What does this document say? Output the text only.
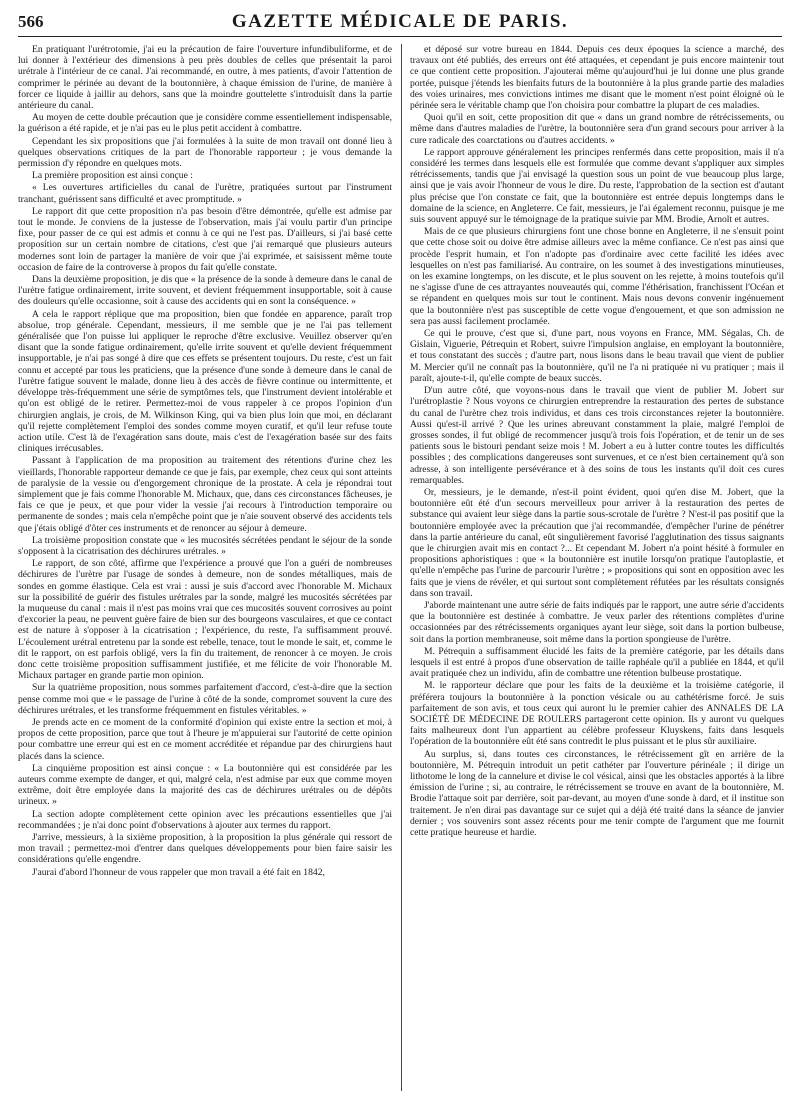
566	GAZETTE MÉDICALE DE PARIS.

En pratiquant l'urétrotomie, j'ai eu la précaution de faire l'ouverture infundibuliforme, et de lui donner à l'extérieur des dimensions à peu près doubles de celles que présentait la paroi urétrale à l'intérieur de ce canal. J'ai recommandé, en outre, à mes patients, d'avoir l'attention de comprimer le périnée au devant de la boutonnière, à chaque émission de l'urine, de manière à forcer ce liquide à jaillir au dehors, sans que la moindre gouttelette s'introduisît dans la partie antérieure du canal.

Au moyen de cette double précaution que je considère comme essentiellement indispensable, la guérison a été rapide, et je n'ai pas eu le plus petit accident à combattre.

Cependant les six propositions que j'ai formulées à la suite de mon travail ont donné lieu à quelques observations critiques de la part de l'honorable rapporteur ; je vous demande la permission d'y répondre en quelques mots.

La première proposition est ainsi conçue :

« Les ouvertures artificielles du canal de l'urètre, pratiquées surtout par l'instrument tranchant, guérissent sans difficulté et avec promptitude. »

Le rapport dit que cette proposition n'a pas besoin d'être démontrée, qu'elle est admise par tout le monde. Je conviens de la justesse de l'observation, mais j'ai voulu partir d'un principe fixe, pour passer de ce qui est admis et connu à ce qui ne l'est pas. D'ailleurs, si j'ai basé cette proposition sur un certain nombre de citations, c'est que j'ai remarqué que plusieurs auteurs modernes sont loin de partager la manière de voir que j'ai exprimée, et saisissent même toute occasion de faire de la controverse à propos du fait qu'elle constate.

Dans la deuxième proposition, je dis que « la présence de la sonde à demeure dans le canal de l'urètre fatigue ordinairement, irrite souvent, et devient fréquemment insupportable, soit à cause des douleurs qu'elle occasionne, soit à cause des accidents qui en sont la conséquence. »

A cela le rapport réplique que ma proposition, bien que fondée en apparence, paraît trop absolue, trop générale. Cependant, messieurs, il me semble que je ne l'ai pas tellement généralisée que l'on puisse lui appliquer le reproche d'être exclusive. Veuillez observer qu'en disant que la sonde fatigue ordinairement, qu'elle irrite souvent et qu'elle devient fréquemment insupportable, je n'ai pas songé à dire que ces effets se présentent toujours. Du reste, c'est un fait connu et accepté par tous les praticiens, que la présence d'une sonde à demeure dans le canal de l'urètre fatigue souvent le malade, donne lieu à des accès de fièvre continue ou intermittente, et développe très-fréquemment une série de symptômes tels, que l'instrument devient intolérable et qu'on est obligé de le retirer. Permettez-moi de vous rappeler à ce propos l'opinion d'un chirurgien anglais, je crois, de M. Wilkinson King, qui va bien plus loin que moi, en déclarant qu'il rejette complètement l'emploi des sondes comme moyen curatif, et qu'il leur refuse toute action utile. C'est là de l'exagération sans doute, mais c'est de l'exagération basée sur des faits cliniques irrécusables.

Passant à l'application de ma proposition au traitement des rétentions d'urine chez les vieillards, l'honorable rapporteur demande ce que je fais, par exemple, chez ceux qui sont atteints de paralysie de la vessie ou d'engorgement chronique de la prostate. A cela je répondrai tout simplement que je fais comme l'honorable M. Michaux, que, dans ces circonstances fâcheuses, je fais ce que je peux, et que pour vider la vessie j'ai recours à l'introduction temporaire ou permanente de sondes ; mais cela n'empêche point que je n'aie souvent observé des accidents tels que j'étais obligé d'ôter ces instruments et de renoncer au séjour à demeure.

La troisième proposition constate que « les mucosités sécrétées pendant le séjour de la sonde s'opposent à la cicatrisation des déchirures urétrales. »

Le rapport, de son côté, affirme que l'expérience a prouvé que l'on a guéri de nombreuses déchirures de l'urètre par l'usage de sondes à demeure, non de sondes métalliques, mais de sondes en gomme élastique. Cela est vrai : aussi je suis d'accord avec l'honorable M. Michaux sur la possibilité de guérir des fistules urétrales par la sonde, malgré les mucosités sécrétées par la muqueuse du canal : mais il n'est pas moins vrai que ces mucosités souvent corrosives au point d'excorier la peau, ne peuvent guère faire de bien sur des bourgeons vasculaires, et que ce contact est de nature à s'opposer à la cicatrisation ; l'expérience, du reste, l'a suffisamment prouvé. L'écoulement urétral entretenu par la sonde est rebelle, tenace, tout le monde le sait, et, comme le dit le rapport, on est parfois obligé, vers la fin du traitement, de renoncer à ce moyen. Je crois donc cette troisième proposition suffisamment justifiée, et me félicite de voir l'honorable M. Michaux partager en grande partie mon opinion.

Sur la quatrième proposition, nous sommes parfaitement d'accord, c'est-à-dire que la section pense comme moi que « le passage de l'urine à côté de la sonde, compromet souvent la cure des déchirures urétrales, et les transforme fréquemment en fistules véritables. »

Je prends acte en ce moment de la conformité d'opinion qui existe entre la section et moi, à propos de cette proposition, parce que tout à l'heure je m'appuierai sur l'autorité de cette opinion pour combattre une erreur qui est en ce moment accréditée et répandue par des chirurgiens haut placés dans la science.

La cinquième proposition est ainsi conçue : « La boutonnière qui est considérée par les auteurs comme exempte de danger, et qui, malgré cela, n'est admise par eux que comme moyen extrême, doit être employée dans la majorité des cas de déchirures urétrales ou de dépôts urineux. »

La section adopte complètement cette opinion avec les précautions essentielles que j'ai recommandées ; je n'ai donc point d'observations à ajouter aux termes du rapport.

J'arrive, messieurs, à la sixième proposition, à la proposition la plus générale qui ressort de mon travail ; permettez-moi d'entrer dans quelques développements pour bien faire saisir les considérations qu'elle engendre.

J'aurai d'abord l'honneur de vous rappeler que mon travail a été fait en 1842,

et déposé sur votre bureau en 1844. Depuis ces deux époques la science a marché, des travaux ont été publiés, des erreurs ont été attaquées, et cependant je puis encore maintenir tout ce que contient cette proposition. J'ajouterai même qu'aujourd'hui je lui donne une plus grande portée, puisque j'étends les bienfaits futurs de la boutonnière à la plus grande partie des maladies des voies urinaires, mes convictions intimes me disant que le moment n'est point éloigné où le périnée sera le véritable champ que l'on choisira pour combattre la plupart de ces maladies.

Quoi qu'il en soit, cette proposition dit que « dans un grand nombre de rétrécissements, ou même dans d'autres maladies de l'urètre, la boutonnière sera d'un grand secours pour arriver à la cure radicale des coarctations ou d'autres accidents. »

Le rapport approuve généralement les principes renfermés dans cette proposition, mais il n'a considéré les termes dans lesquels elle est formulée que comme devant s'appliquer aux simples rétrécissements, tandis que j'ai envisagé la question sous un point de vue beaucoup plus large, ainsi que je vais avoir l'honneur de vous le dire. Du reste, l'approbation de la section est d'autant plus précise que l'on constate ce fait, que la boutonnière est entrée depuis longtemps dans le domaine de la science, en Angleterre. Ce fait, messieurs, je l'ai également reconnu, puisque je me suis souvent appuyé sur le témoignage de la pratique suivie par MM. Brodie, Arnolt et autres.

Mais de ce que plusieurs chirurgiens font une chose bonne en Angleterre, il ne s'ensuit point que cette chose soit ou doive être admise ailleurs avec la même confiance. Ce n'est pas ainsi que procède l'esprit humain, et l'on n'adopte pas d'ordinaire avec cette facilité les idées avec lesquelles on n'est pas familiarisé. Au contraire, on les soumet à des investigations minutieuses, on les examine longtemps, on les discute, et le plus souvent on les rejette, à moins toutefois qu'il ne s'agisse d'une de ces attrayantes nouveautés qui, comme l'éthérisation, franchissent l'Océan et se répandent en quelques mois sur tout le continent. Mais nous devons convenir ingénuement que la boutonnière n'est pas susceptible de cette vogue d'engouement, et que son admission ne sera pas aussi facilement proclamée.

Ce qui le prouve, c'est que si, d'une part, nous voyons en France, MM. Ségalas, Ch. de Gislain, Viguerie, Pétrequin et Robert, suivre l'impulsion anglaise, en employant la boutonnière, et tous constatant des succès ; d'autre part, nous lisons dans le beau travail que vient de publier M. Mercier qu'il ne connaît pas la boutonnière, qu'il ne l'a ni pratiquée ni vu pratiquer ; mais il paraît, ajoute-t-il, qu'elle compte de beaux succès.

D'un autre côté, que voyons-nous dans le travail que vient de publier M. Jobert sur l'urétroplastie ? Nous voyons ce chirurgien entreprendre la restauration des pertes de substance du canal de l'urètre chez trois individus, et dans ces trois circonstances rejeter la boutonnière. Aussi qu'est-il arrivé ? Que les urines abreuvant constamment la plaie, malgré l'emploi de grosses sondes, il fut obligé de recommencer jusqu'à trois fois l'opération, et de tenir un de ses patients sous le bistouri pendant seize mois ! M. Jobert a eu à lutter contre toutes les difficultés possibles ; des complications dangereuses sont survenues, et ce n'est bien certainement qu'à son adresse, à son intelligente persévérance et à des soins de tous les instants qu'il doit ces cures remarquables.

Or, messieurs, je le demande, n'est-il point évident, quoi qu'en dise M. Jobert, que la boutonnière eût été d'un secours merveilleux pour arriver à la restauration des pertes de substance qui avaient leur siège dans la partie sous-scrotale de l'urètre ? N'est-il pas positif que la boutonnière employée avec la précaution que j'ai recommandée, d'empêcher l'urine de pénétrer dans la partie antérieure du canal, eût singulièrement favorisé l'agglutination des tissus saignants que le chirurgien avait mis en contact ?... Et cependant M. Jobert n'a point hésité à formuler en propositions aphoristiques : que « la boutonnière est inutile lorsqu'on pratique l'autoplastie, et qu'elle n'empêche pas l'urine de parcourir l'urètre ; » propositions qui sont en opposition avec les faits que je viens de révéler, et qui surtout sont complètement réfutées par les résultats consignés dans son travail.

J'aborde maintenant une autre série de faits indiqués par le rapport, une autre série d'accidents que la boutonnière est destinée à combattre. Je veux parler des rétentions complètes d'urine occasionnées par des rétrécissements organiques ayant leur siège, soit dans la portion bulbeuse, soit dans la portion membraneuse, soit même dans la portion spongieuse de l'urètre.

M. Pétrequin a suffisamment élucidé les faits de la première catégorie, par les détails dans lesquels il est entré à propos d'une observation de taille raphéale qu'il a publiée en 1844, et qu'il avait pratiquée chez un individu, afin de combattre une rétention bulbeuse prostatique.

M. le rapporteur déclare que pour les faits de la deuxième et la troisième catégorie, il préférera toujours la boutonnière à la ponction vésicale ou au cathétérisme forcé. Je suis parfaitement de son avis, et tous ceux qui auront lu le premier cahier des ANNALES DE LA SOCIÉTÉ DE MÉDECINE DE ROULERS partageront cette opinion. Ils y auront vu quelques faits malheureux dont l'un appartient au célèbre professeur Kluyskens, faits dans lesquels l'opération de la boutonnière eût été sans contredit le plus puissant et le plus sûr auxiliaire.

Au surplus, si, dans toutes ces circonstances, le rétrécissement gît en arrière de la boutonnière, M. Pétrequin introduit un petit cathéter par l'ouverture périnéale ; il dirige un lithotome le long de la cannelure et divise le col vésical, ainsi que les obstacles apportés à la libre émission de l'urine ; si, au contraire, le rétrécissement se trouve en avant de la boutonnière, M. Brodie l'attaque soit par derrière, soit par-devant, au moyen d'une sonde à dard, et il institue son traitement. Je n'en dirai pas davantage sur ce sujet qui a déjà été traité dans la séance de janvier dernier ; vos souvenirs sont assez récents pour me tenir compte de l'argument que me fournit cette pratique heureuse et hardie.
